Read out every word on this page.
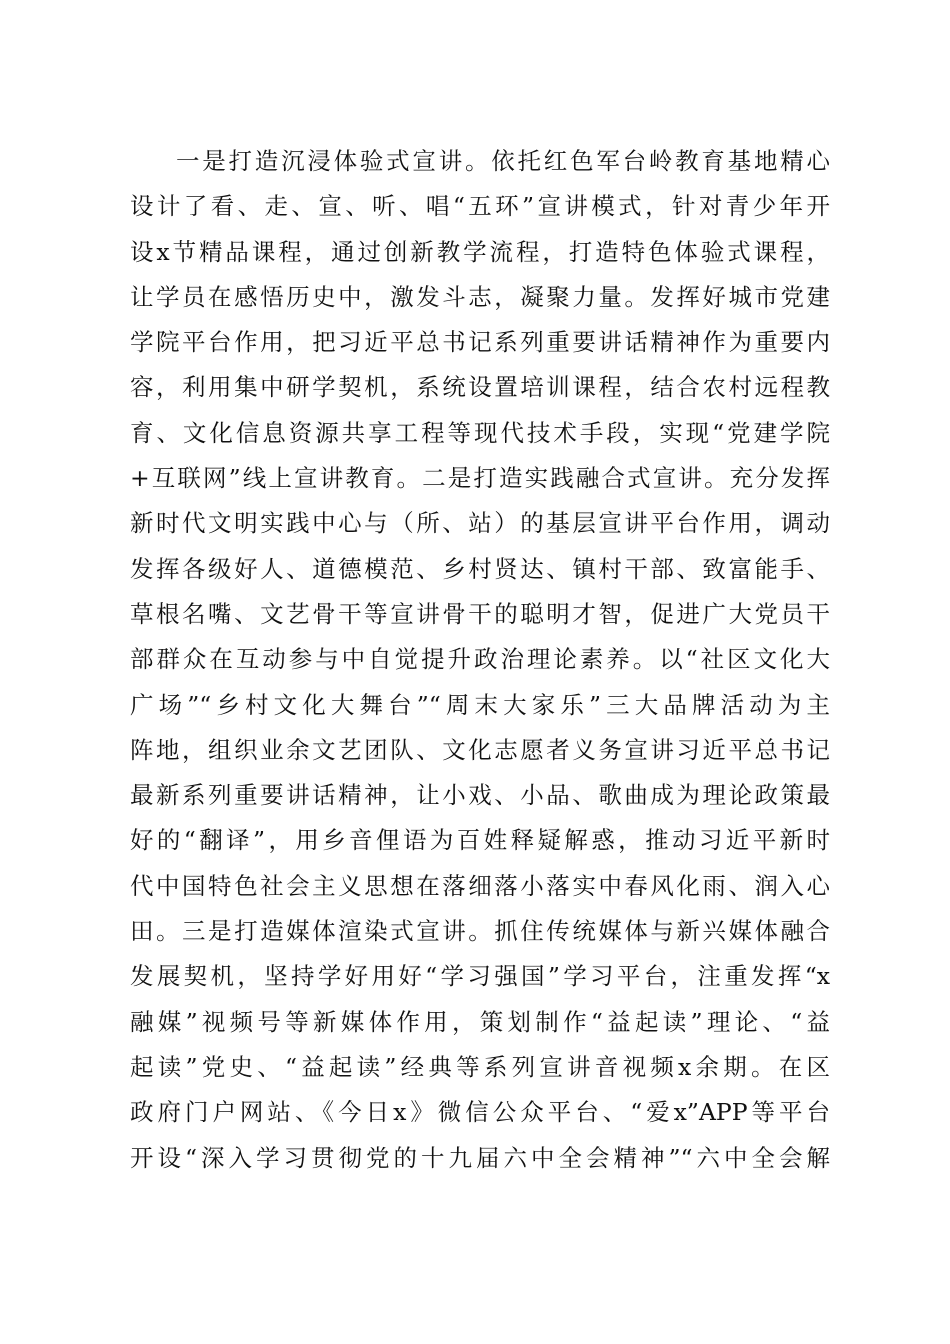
一是打造沉浸体验式宣讲。依托红色军台岭教育基地精心
设计了看、走、宣、听、唱“五环”宣讲模式，针对青少年开
设x节精品课程，通过创新教学流程，打造特色体验式课程，
让学员在感悟历史中，激发斗志，凝聚力量。发挥好城市党建
学院平台作用，把习近平总书记系列重要讲话精神作为重要内
容，利用集中研学契机，系统设置培训课程，结合农村远程教
育、文化信息资源共享工程等现代技术手段，实现“党建学院
+互联网”线上宣讲教育。二是打造实践融合式宣讲。充分发挥
新时代文明实践中心与（所、站）的基层宣讲平台作用，调动
发挥各级好人、道德模范、乡村贤达、镇村干部、致富能手、
草根名嘴、文艺骨干等宣讲骨干的聪明才智，促进广大党员干
部群众在互动参与中自觉提升政治理论素养。以“社区文化大
广场”“乡村文化大舞台”“周末大家乐”三大品牌活动为主
阵地，组织业余文艺团队、文化志愿者义务宣讲习近平总书记
最新系列重要讲话精神，让小戏、小品、歌曲成为理论政策最
好的“翻译”，用乡音俚语为百姓释疑解惑，推动习近平新时
代中国特色社会主义思想在落细落小落实中春风化雨、润入心
田。三是打造媒体渲染式宣讲。抓住传统媒体与新兴媒体融合
发展契机，坚持学好用好“学习强国”学习平台，注重发挥“x
融媒”视频号等新媒体作用，策划制作“益起读”理论、“益
起读”党史、“益起读”经典等系列宣讲音视频x余期。在区
政府门户网站、《今日x》微信公众平台、“爱x”APP等平台
开设“深入学习贯彻党的十九届六中全会精神”“六中全会解
